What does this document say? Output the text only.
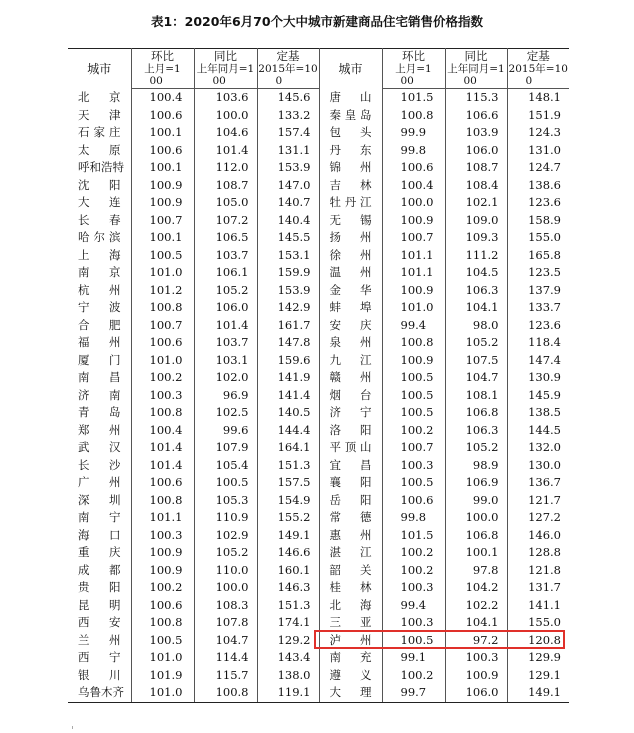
表1：2020年6月70个大中城市新建商品住宅销售价格指数
城市	环比	同比	定基	城市	环比	同比	定基
	上月=1	上年同月=1	2015年=10		上月=1	上年同月=1	2015年=10
	00	00	0		00	00	0
北京	100.4	103.6	145.6	唐山	101.5	115.3	148.1
天津	100.6	100.0	133.2	秦皇岛	100.8	106.6	151.9
石家庄	100.1	104.6	157.4	包头	99.9	103.9	124.3
太原	100.6	101.4	131.1	丹东	99.8	106.0	131.0
呼和浩特	100.1	112.0	153.9	锦州	100.6	108.7	124.7
沈阳	100.9	108.7	147.0	吉林	100.4	108.4	138.6
大连	100.9	105.0	140.7	牡丹江	100.0	102.1	123.6
长春	100.7	107.2	140.4	无锡	100.9	109.0	158.9
哈尔滨	100.1	106.5	145.5	扬州	100.7	109.3	155.0
上海	100.5	103.7	153.1	徐州	101.1	111.2	165.8
南京	101.0	106.1	159.9	温州	101.1	104.5	123.5
杭州	101.2	105.2	153.9	金华	100.9	106.3	137.9
宁波	100.8	106.0	142.9	蚌埠	101.0	104.1	133.7
合肥	100.7	101.4	161.7	安庆	99.4	98.0	123.6
福州	100.6	103.7	147.8	泉州	100.8	105.2	118.4
厦门	101.0	103.1	159.6	九江	100.9	107.5	147.4
南昌	100.2	102.0	141.9	赣州	100.5	104.7	130.9
济南	100.3	96.9	141.4	烟台	100.5	108.1	145.9
青岛	100.8	102.5	140.5	济宁	100.5	106.8	138.5
郑州	100.4	99.6	144.4	洛阳	100.2	106.3	144.5
武汉	101.4	107.9	164.1	平顶山	100.7	105.2	132.0
长沙	101.4	105.4	151.3	宜昌	100.3	98.9	130.0
广州	100.6	100.5	157.5	襄阳	100.5	106.9	136.7
深圳	100.8	105.3	154.9	岳阳	100.6	99.0	121.7
南宁	101.1	110.9	155.2	常德	99.8	100.0	127.2
海口	100.3	102.9	149.1	惠州	101.5	106.8	146.0
重庆	100.9	105.2	146.6	湛江	100.2	100.1	128.8
成都	100.9	110.0	160.1	韶关	100.2	97.8	121.8
贵阳	100.2	100.0	146.3	桂林	100.3	104.2	131.7
昆明	100.6	108.3	151.3	北海	99.4	102.2	141.1
西安	100.8	107.8	174.1	三亚	100.3	104.1	155.0
兰州	100.5	104.7	129.2	泸州	100.5	97.2	120.8
西宁	101.0	114.4	143.4	南充	99.1	100.3	129.9
银川	101.9	115.7	138.0	遵义	100.2	100.9	129.1
乌鲁木齐	101.0	100.8	119.1	大理	99.7	106.0	149.1
